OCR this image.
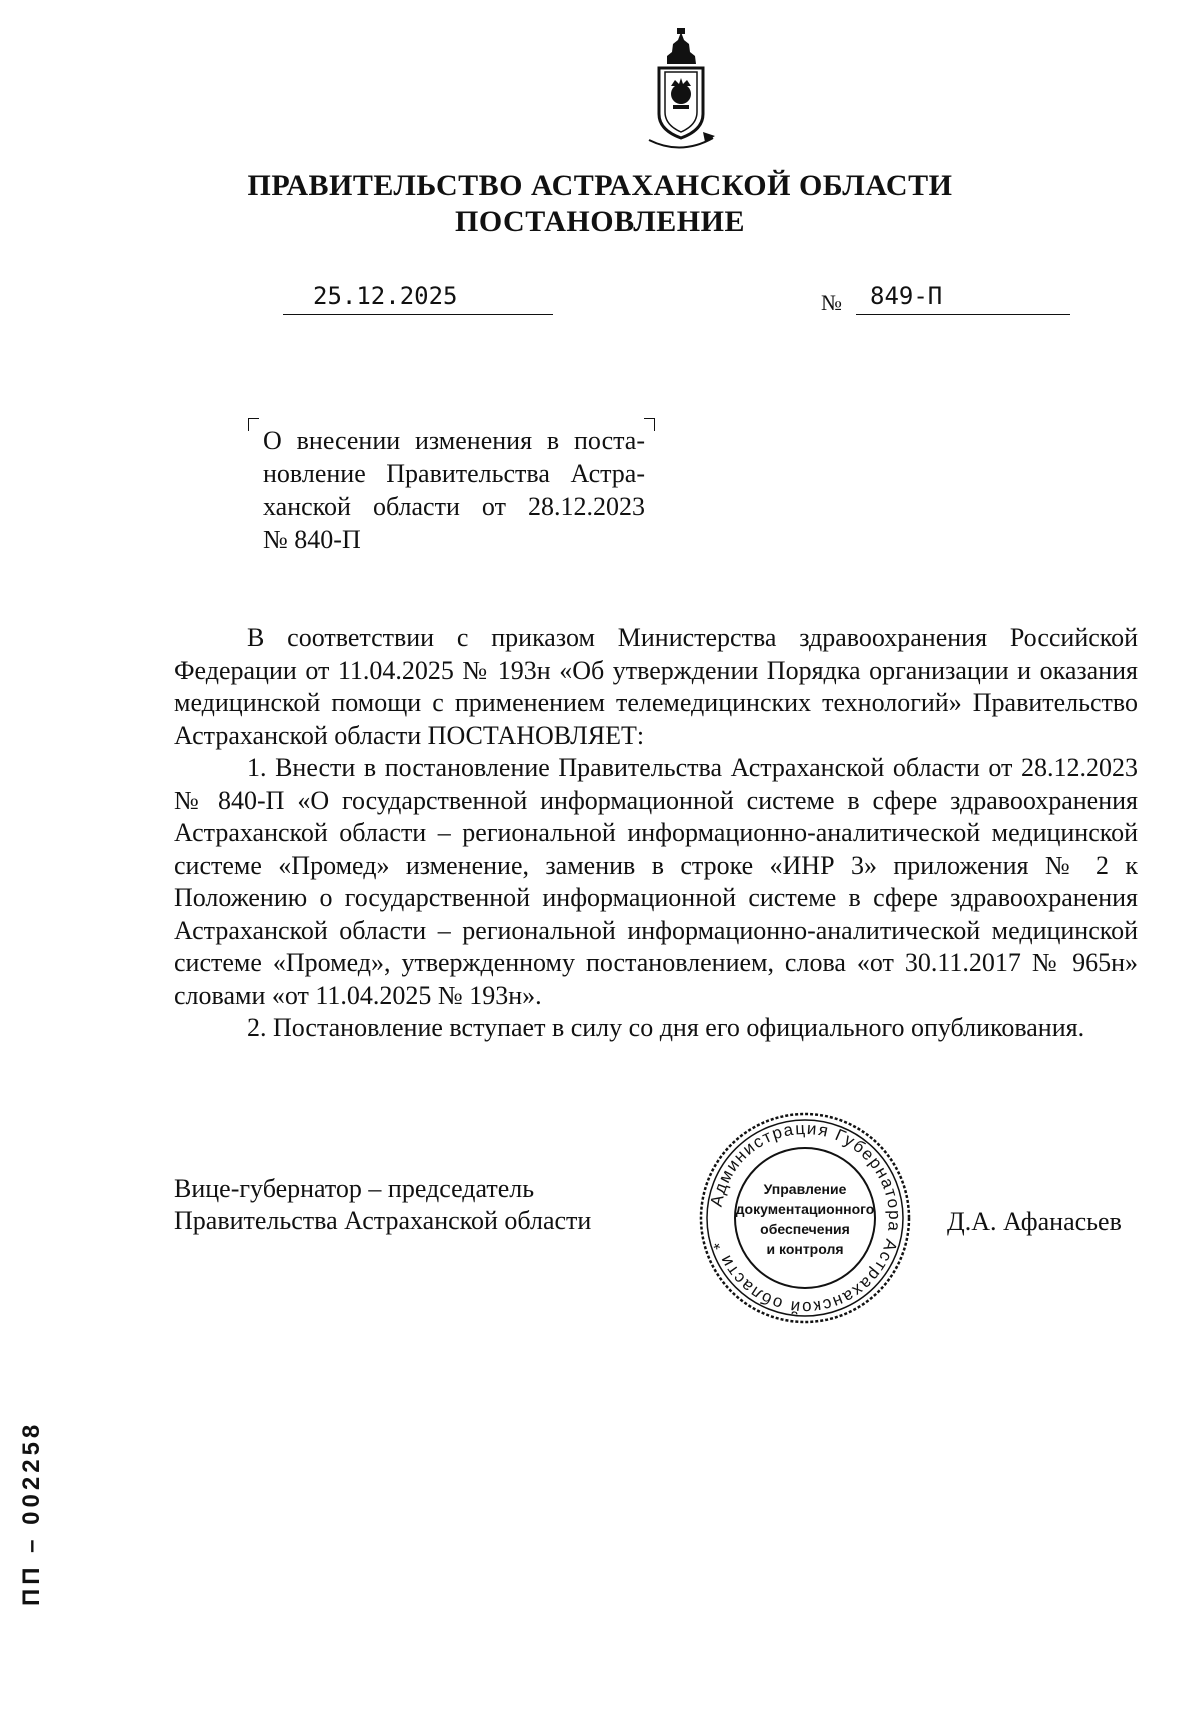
ПРАВИТЕЛЬСТВО АСТРАХАНСКОЙ ОБЛАСТИ
ПОСТАНОВЛЕНИЕ
25.12.2025	№ 849-П
О внесении изменения в поста-
новление Правительства Астра-
ханской области от 28.12.2023
№ 840-П

В соответствии с приказом Министерства здравоохранения Российской Федерации от 11.04.2025 № 193н «Об утверждении Порядка организации и оказания медицинской помощи с применением телемедицинских технологий» Правительство Астраханской области ПОСТАНОВЛЯЕТ:

1. Внести в постановление Правительства Астраханской области от 28.12.2023 № 840-П «О государственной информационной системе в сфере здравоохранения Астраханской области – региональной информационно-аналитической медицинской системе «Промед» изменение, заменив в строке «ИНР 3» приложения № 2 к Положению о государственной информационной системе в сфере здравоохранения Астраханской области – региональной информационно-аналитической медицинской системе «Промед», утвержденному постановлением, слова «от 30.11.2017 № 965н» словами «от 11.04.2025 № 193н».

2. Постановление вступает в силу со дня его официального опубликования.

Вице-губернатор – председатель
Правительства Астраханской области
Администрация Губернатора Астраханской области *
Управление
документационного
обеспечения
и контроля
Д.А. Афанасьев
ПП – 002258
